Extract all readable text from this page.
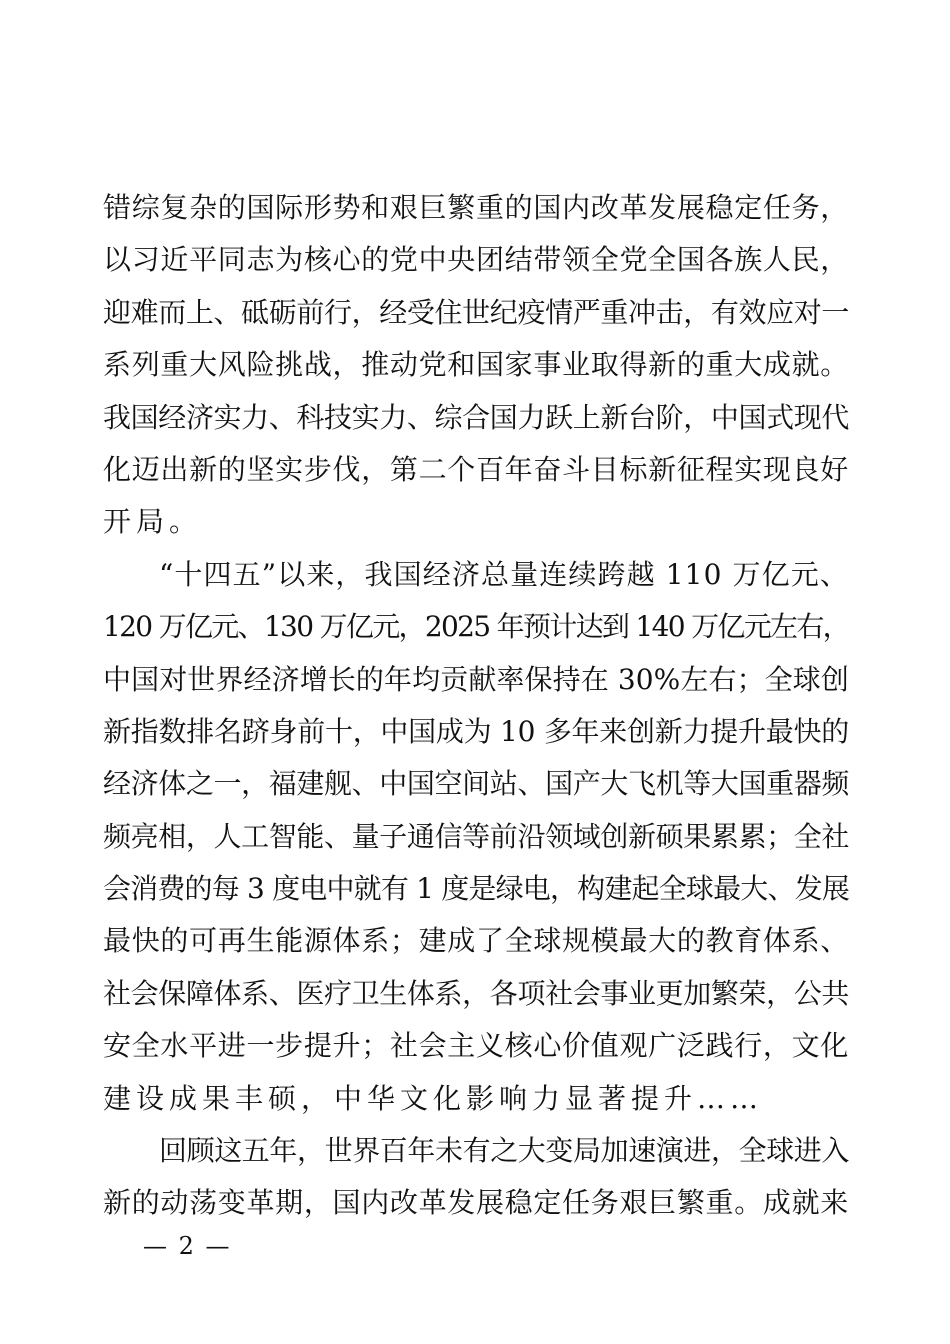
错综复杂的国际形势和艰巨繁重的国内改革发展稳定任务，
以习近平同志为核心的党中央团结带领全党全国各族人民，
迎难而上、砥砺前行，经受住世纪疫情严重冲击，有效应对一
系列重大风险挑战，推动党和国家事业取得新的重大成就。
我国经济实力、科技实力、综合国力跃上新台阶，中国式现代
化迈出新的坚实步伐，第二个百年奋斗目标新征程实现良好
开局。
“十四五”以来，我国经济总量连续跨越 110 万亿元、
120 万亿元、130 万亿元，2025 年预计达到 140 万亿元左右，
中国对世界经济增长的年均贡献率保持在 30%左右；全球创
新指数排名跻身前十，中国成为 10 多年来创新力提升最快的
经济体之一，福建舰、中国空间站、国产大飞机等大国重器频
频亮相，人工智能、量子通信等前沿领域创新硕果累累；全社
会消费的每 3 度电中就有 1 度是绿电，构建起全球最大、发展
最快的可再生能源体系；建成了全球规模最大的教育体系、
社会保障体系、医疗卫生体系，各项社会事业更加繁荣，公共
安全水平进一步提升；社会主义核心价值观广泛践行，文化
建设成果丰硕，中华文化影响力显著提升……
回顾这五年，世界百年未有之大变局加速演进，全球进入
新的动荡变革期，国内改革发展稳定任务艰巨繁重。成就来
— 2 —
